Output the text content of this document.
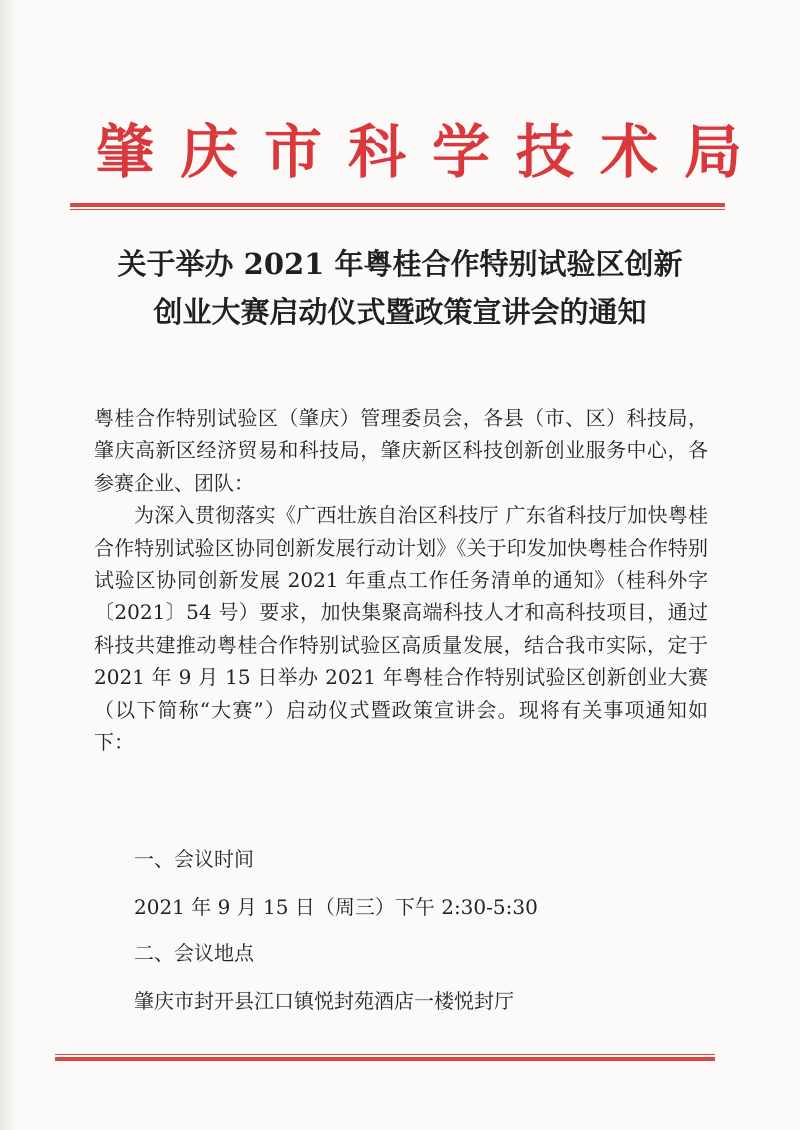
肇庆市科学技术局
关于举办 2021 年粤桂合作特别试验区创新
创业大赛启动仪式暨政策宣讲会的通知

粤桂合作特别试验区（肇庆）管理委员会，各县（市、区）科技局，肇庆高新区经济贸易和科技局，肇庆新区科技创新创业服务中心，各参赛企业、团队：

为深入贯彻落实《广西壮族自治区科技厅 广东省科技厅加快粤桂合作特别试验区协同创新发展行动计划》《关于印发加快粤桂合作特别试验区协同创新发展 2021 年重点工作任务清单的通知》（桂科外字〔2021〕54 号）要求，加快集聚高端科技人才和高科技项目，通过科技共建推动粤桂合作特别试验区高质量发展，结合我市实际，定于 2021 年 9 月 15 日举办 2021 年粤桂合作特别试验区创新创业大赛（以下简称“大赛”）启动仪式暨政策宣讲会。现将有关事项通知如下：

一、会议时间
2021 年 9 月 15 日（周三）下午 2:30-5:30
二、会议地点
肇庆市封开县江口镇悦封苑酒店一楼悦封厅
